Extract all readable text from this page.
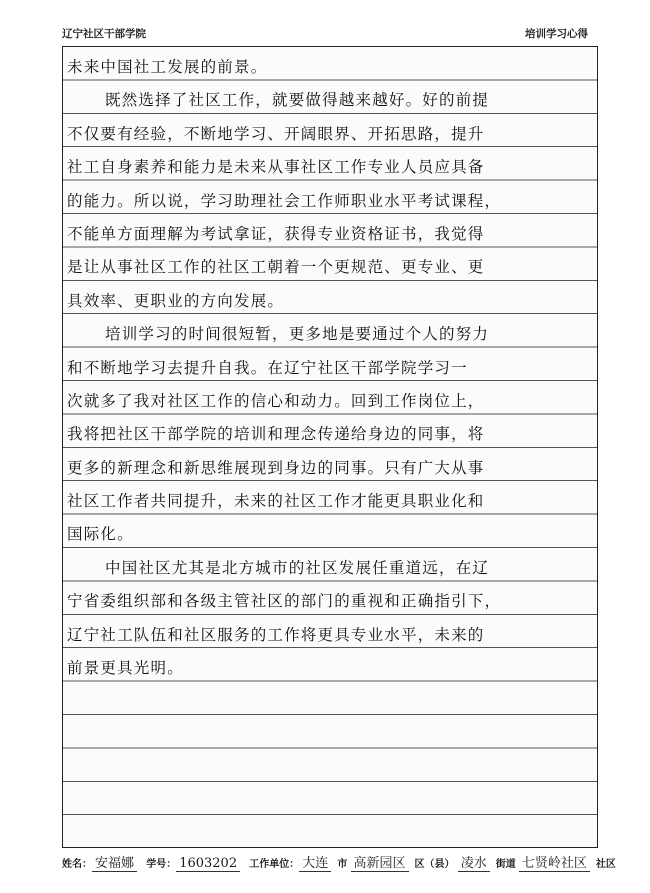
辽宁社区干部学院	培训学习心得
未来中国社工发展的前景。
既然选择了社区工作，就要做得越来越好。好的前提
不仅要有经验，不断地学习、开阔眼界、开拓思路，提升
社工自身素养和能力是未来从事社区工作专业人员应具备
的能力。所以说，学习助理社会工作师职业水平考试课程，
不能单方面理解为考试拿证，获得专业资格证书，我觉得
是让从事社区工作的社区工朝着一个更规范、更专业、更
具效率、更职业的方向发展。
培训学习的时间很短暂，更多地是要通过个人的努力
和不断地学习去提升自我。在辽宁社区干部学院学习一
次就多了我对社区工作的信心和动力。回到工作岗位上，
我将把社区干部学院的培训和理念传递给身边的同事，将
更多的新理念和新思维展现到身边的同事。只有广大从事
社区工作者共同提升，未来的社区工作才能更具职业化和
国际化。
中国社区尤其是北方城市的社区发展任重道远，在辽
宁省委组织部和各级主管社区的部门的重视和正确指引下，
辽宁社工队伍和社区服务的工作将更具专业水平，未来的
前景更具光明。
姓名： 安福娜 学号： 1603202 工作单位： 大连 市 高新园区 区（县） 凌水 街道 七贤岭社区 社区
